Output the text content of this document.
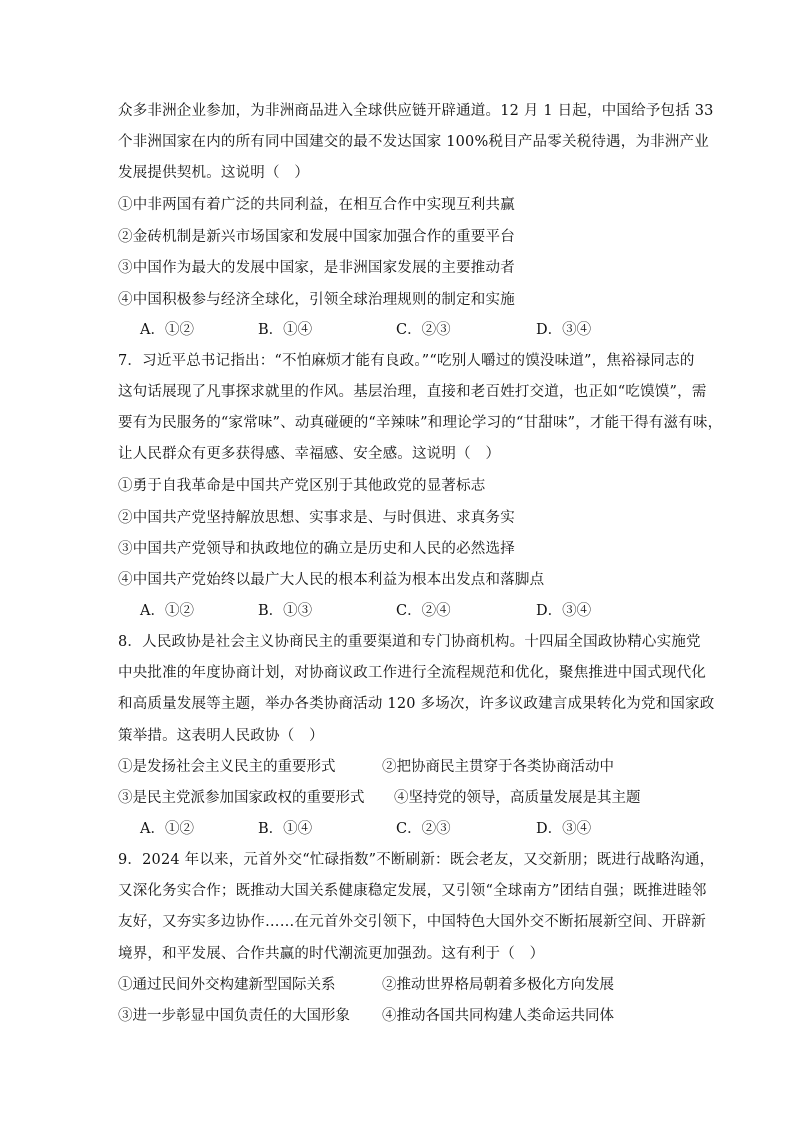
众多非洲企业参加，为非洲商品进入全球供应链开辟通道。12 月 1 日起，中国给予包括 33
个非洲国家在内的所有同中国建交的最不发达国家 100%税目产品零关税待遇，为非洲产业
发展提供契机。这说明（　）
①中非两国有着广泛的共同利益，在相互合作中实现互利共赢
②金砖机制是新兴市场国家和发展中国家加强合作的重要平台
③中国作为最大的发展中国家，是非洲国家发展的主要推动者
④中国积极参与经济全球化，引领全球治理规则的制定和实施
A．①②	B．①④	C．②③	D．③④
7．习近平总书记指出：“不怕麻烦才能有良政。”“吃别人嚼过的馍没味道”，焦裕禄同志的
这句话展现了凡事探求就里的作风。基层治理，直接和老百姓打交道，也正如“吃馍馍”，需
要有为民服务的“家常味”、动真碰硬的“辛辣味”和理论学习的“甘甜味”，才能干得有滋有味，
让人民群众有更多获得感、幸福感、安全感。这说明（　）
①勇于自我革命是中国共产党区别于其他政党的显著标志
②中国共产党坚持解放思想、实事求是、与时俱进、求真务实
③中国共产党领导和执政地位的确立是历史和人民的必然选择
④中国共产党始终以最广大人民的根本利益为根本出发点和落脚点
A．①②	B．①③	C．②④	D．③④
8．人民政协是社会主义协商民主的重要渠道和专门协商机构。十四届全国政协精心实施党
中央批准的年度协商计划，对协商议政工作进行全流程规范和优化，聚焦推进中国式现代化
和高质量发展等主题，举办各类协商活动 120 多场次，许多议政建言成果转化为党和国家政
策举措。这表明人民政协（　）
①是发扬社会主义民主的重要形式	②把协商民主贯穿于各类协商活动中
③是民主党派参加国家政权的重要形式 ④坚持党的领导，高质量发展是其主题
A．①②	B．①④	C．②③	D．③④
9．2024 年以来，元首外交“忙碌指数”不断刷新：既会老友，又交新朋；既进行战略沟通，
又深化务实合作；既推动大国关系健康稳定发展，又引领“全球南方”团结自强；既推进睦邻
友好，又夯实多边协作……在元首外交引领下，中国特色大国外交不断拓展新空间、开辟新
境界，和平发展、合作共赢的时代潮流更加强劲。这有利于（　）
①通过民间外交构建新型国际关系	②推动世界格局朝着多极化方向发展
③进一步彰显中国负责任的大国形象 ④推动各国共同构建人类命运共同体
